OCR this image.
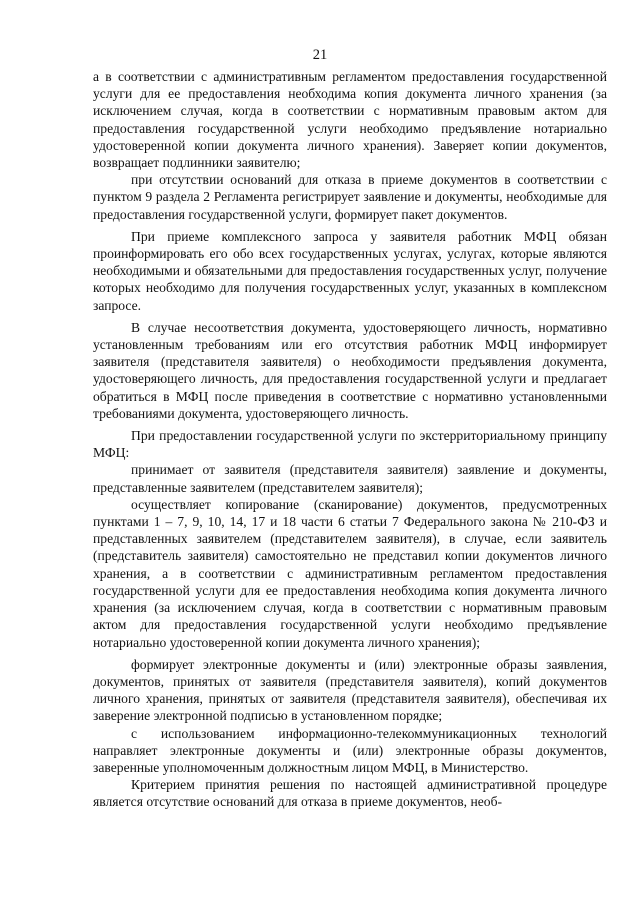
21

а в соответствии с административным регламентом предоставления государственной услуги для ее предоставления необходима копия документа личного хранения (за исключением случая, когда в соответствии с нормативным правовым актом для предоставления государственной услуги необходимо предъявление нотариально удостоверенной копии документа личного хранения). Заверяет копии документов, возвращает подлинники заявителю;

при отсутствии оснований для отказа в приеме документов в соответствии с пунктом 9 раздела 2 Регламента регистрирует заявление и документы, необходимые для предоставления государственной услуги, формирует пакет документов.

При приеме комплексного запроса у заявителя работник МФЦ обязан проинформировать его обо всех государственных услугах, услугах, которые являются необходимыми и обязательными для предоставления государственных услуг, получение которых необходимо для получения государственных услуг, указанных в комплексном запросе.

В случае несоответствия документа, удостоверяющего личность, нормативно установленным требованиям или его отсутствия работник МФЦ информирует заявителя (представителя заявителя) о необходимости предъявления документа, удостоверяющего личность, для предоставления государственной услуги и предлагает обратиться в МФЦ после приведения в соответствие с нормативно установленными требованиями документа, удостоверяющего личность.

При предоставлении государственной услуги по экстерриториальному принципу МФЦ:

принимает от заявителя (представителя заявителя) заявление и документы, представленные заявителем (представителем заявителя);

осуществляет копирование (сканирование) документов, предусмотренных пунктами 1 – 7, 9, 10, 14, 17 и 18 части 6 статьи 7 Федерального закона № 210-ФЗ и представленных заявителем (представителем заявителя), в случае, если заявитель (представитель заявителя) самостоятельно не представил копии документов личного хранения, а в соответствии с административным регламентом предоставления государственной услуги для ее предоставления необходима копия документа личного хранения (за исключением случая, когда в соответствии с нормативным правовым актом для предоставления государственной услуги необходимо предъявление нотариально удостоверенной копии документа личного хранения);

формирует электронные документы и (или) электронные образы заявления, документов, принятых от заявителя (представителя заявителя), копий документов личного хранения, принятых от заявителя (представителя заявителя), обеспечивая их заверение электронной подписью в установленном порядке;

с использованием информационно-телекоммуникационных технологий направляет электронные документы и (или) электронные образы документов, заверенные уполномоченным должностным лицом МФЦ, в Министерство.

Критерием принятия решения по настоящей административной процедуре является отсутствие оснований для отказа в приеме документов, необ-
